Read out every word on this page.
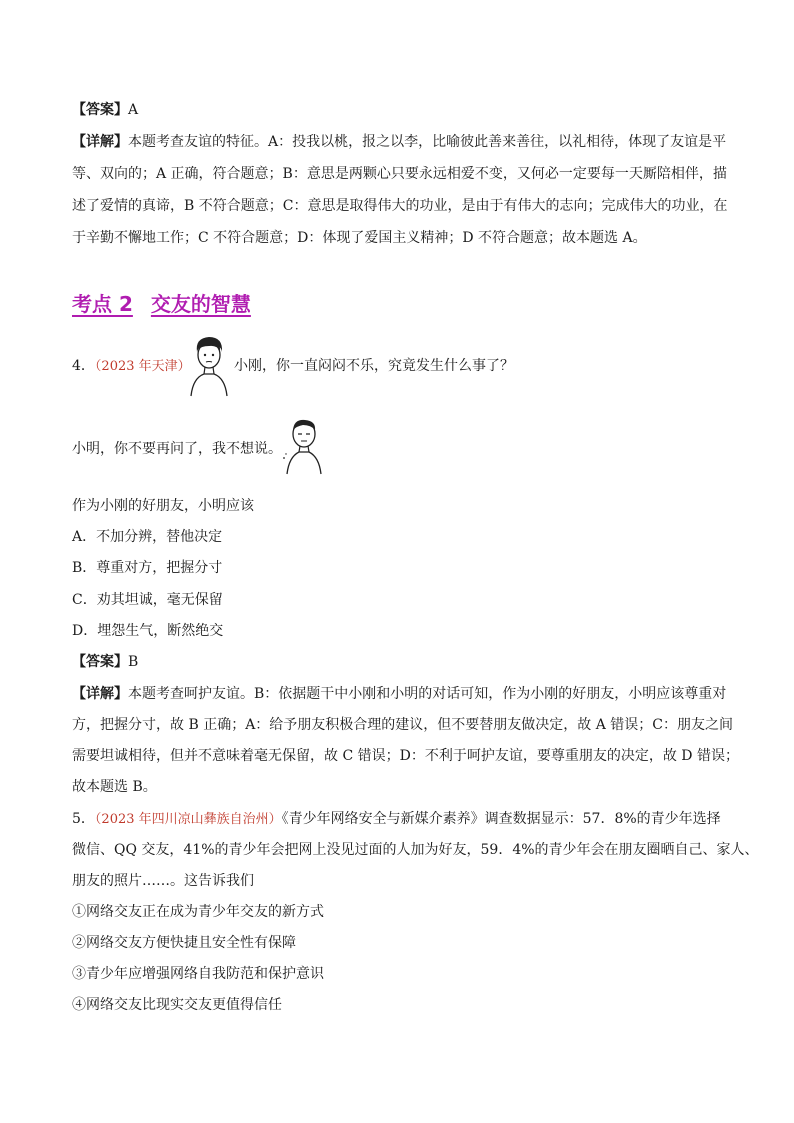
【答案】A
【详解】本题考查友谊的特征。A：投我以桃，报之以李，比喻彼此善来善往，以礼相待，体现了友谊是平
等、双向的；A 正确，符合题意；B：意思是两颗心只要永远相爱不变，又何必一定要每一天厮陪相伴，描
述了爱情的真谛，B 不符合题意；C：意思是取得伟大的功业，是由于有伟大的志向；完成伟大的功业，在
于辛勤不懈地工作；C 不符合题意；D：体现了爱国主义精神；D 不符合题意；故本题选 A。
考点 2 交友的智慧
4．（2023 年天津）	小刚，你一直闷闷不乐，究竟发生什么事了？
小明，你不要再问了，我不想说。
作为小刚的好朋友，小明应该
A．不加分辨，替他决定
B．尊重对方，把握分寸
C．劝其坦诚，毫无保留
D．埋怨生气，断然绝交
【答案】B
【详解】本题考查呵护友谊。B：依据题干中小刚和小明的对话可知，作为小刚的好朋友，小明应该尊重对
方，把握分寸，故 B 正确；A：给予朋友积极合理的建议，但不要替朋友做决定，故 A 错误；C：朋友之间
需要坦诚相待，但并不意味着毫无保留，故 C 错误；D：不利于呵护友谊，要尊重朋友的决定，故 D 错误；
故本题选 B。
5．（2023 年四川凉山彝族自治州）《青少年网络安全与新媒介素养》调查数据显示：57．8%的青少年选择
微信、QQ 交友，41%的青少年会把网上没见过面的人加为好友，59．4%的青少年会在朋友圈晒自己、家人、
朋友的照片……。这告诉我们
①网络交友正在成为青少年交友的新方式
②网络交友方便快捷且安全性有保障
③青少年应增强网络自我防范和保护意识
④网络交友比现实交友更值得信任
